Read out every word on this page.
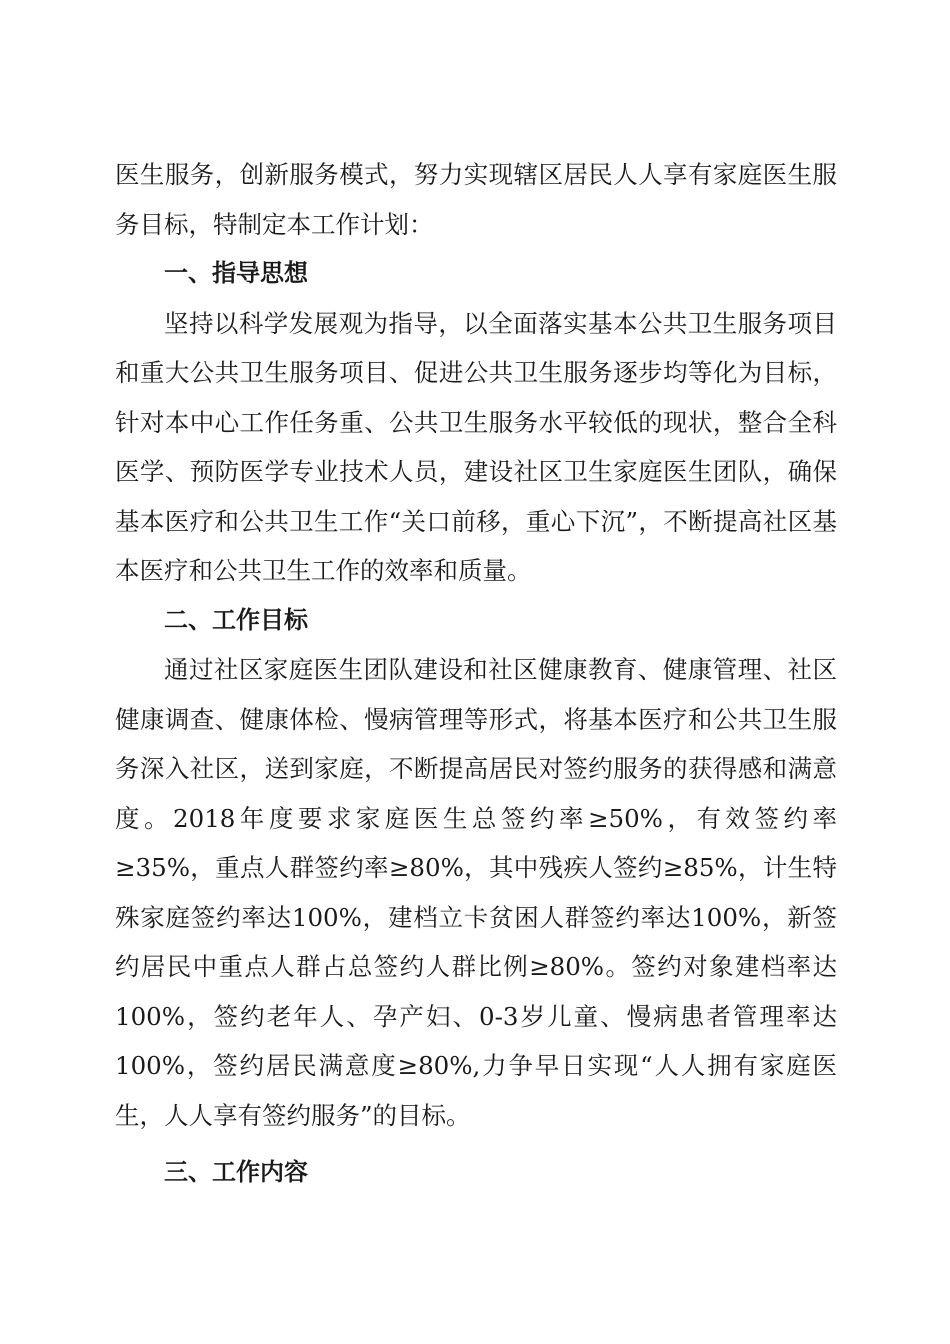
医生服务，创新服务模式，努力实现辖区居民人人享有家庭医生服务目标，特制定本工作计划：

一、指导思想

坚持以科学发展观为指导，以全面落实基本公共卫生服务项目和重大公共卫生服务项目、促进公共卫生服务逐步均等化为目标，针对本中心工作任务重、公共卫生服务水平较低的现状，整合全科医学、预防医学专业技术人员，建设社区卫生家庭医生团队，确保基本医疗和公共卫生工作“关口前移，重心下沉”，不断提高社区基本医疗和公共卫生工作的效率和质量。

二、工作目标

通过社区家庭医生团队建设和社区健康教育、健康管理、社区健康调查、健康体检、慢病管理等形式，将基本医疗和公共卫生服务深入社区，送到家庭，不断提高居民对签约服务的获得感和满意度。2018年度要求家庭医生总签约率≥50%，有效签约率≥35%，重点人群签约率≥80%，其中残疾人签约≥85%，计生特殊家庭签约率达100%，建档立卡贫困人群签约率达100%，新签约居民中重点人群占总签约人群比例≥80%。签约对象建档率达100%，签约老年人、孕产妇、0-3岁儿童、慢病患者管理率达100%，签约居民满意度≥80%,力争早日实现“人人拥有家庭医生，人人享有签约服务”的目标。

三、工作内容
